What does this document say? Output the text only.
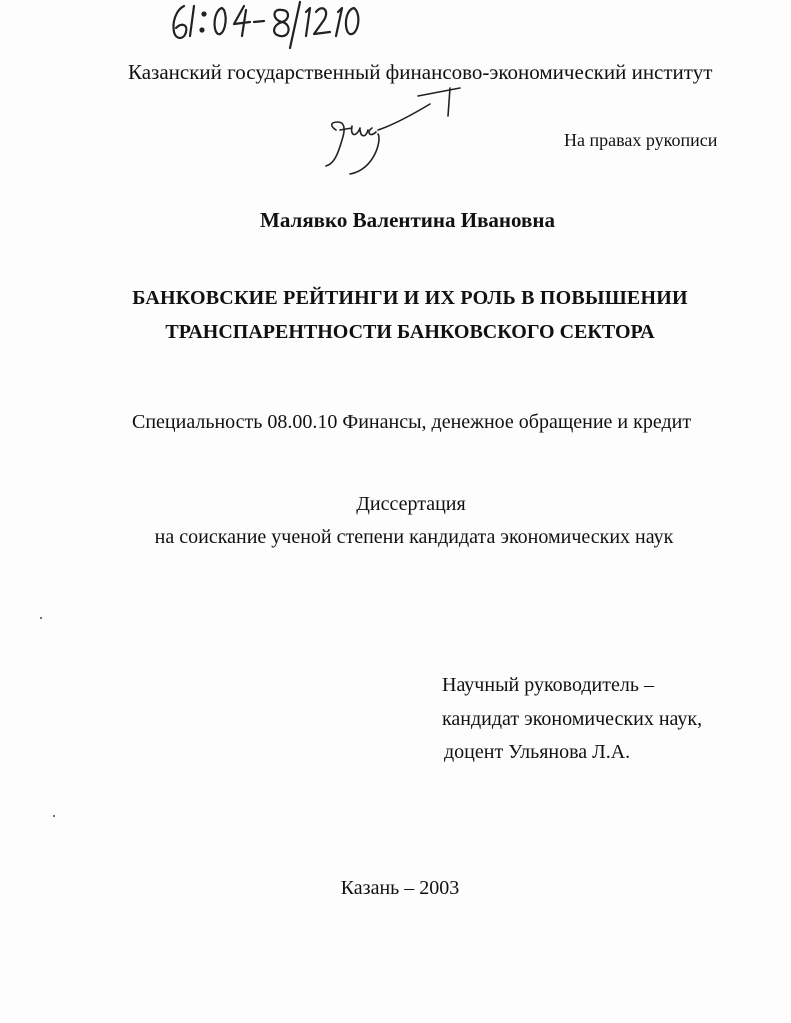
Казанский государственный финансово-экономический институт
На правах рукописи
Малявко Валентина Ивановна
БАНКОВСКИЕ РЕЙТИНГИ И ИХ РОЛЬ В ПОВЫШЕНИИ
ТРАНСПАРЕНТНОСТИ БАНКОВСКОГО СЕКТОРА
Специальность 08.00.10 Финансы, денежное обращение и кредит
Диссертация
на соискание ученой степени кандидата экономических наук
Научный руководитель –
кандидат экономических наук,
доцент Ульянова Л.А.
Казань – 2003
